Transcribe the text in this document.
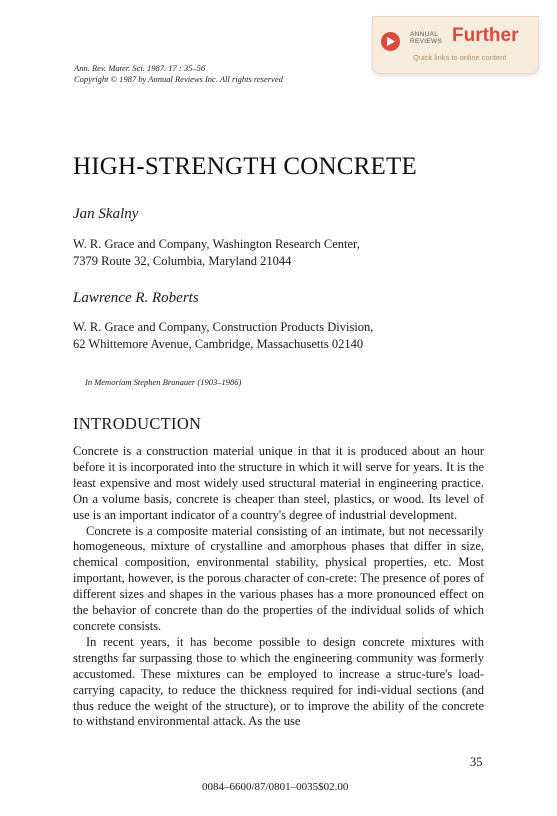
Ann. Rev. Mater. Sci. 1987. 17 : 35–56
Copyright © 1987 by Annual Reviews Inc. All rights reserved
ANNUAL
REVIEWS Further
Quick links to online content
HIGH-STRENGTH CONCRETE
Jan Skalny
W. R. Grace and Company, Washington Research Center,
7379 Route 32, Columbia, Maryland 21044
Lawrence R. Roberts
W. R. Grace and Company, Construction Products Division,
62 Whittemore Avenue, Cambridge, Massachusetts 02140
In Memoriam Stephen Brunauer (1903–1986)
INTRODUCTION

Concrete is a construction material unique in that it is produced about an hour before it is incorporated into the structure in which it will serve for years. It is the least expensive and most widely used structural material in engineering practice. On a volume basis, concrete is cheaper than steel, plastics, or wood. Its level of use is an important indicator of a country's degree of industrial development.

Concrete is a composite material consisting of an intimate, but not necessarily homogeneous, mixture of crystalline and amorphous phases that differ in size, chemical composition, environmental stability, physical properties, etc. Most important, however, is the porous character of con-crete: The presence of pores of different sizes and shapes in the various phases has a more pronounced effect on the behavior of concrete than do the properties of the individual solids of which concrete consists.

In recent years, it has become possible to design concrete mixtures with strengths far surpassing those to which the engineering community was formerly accustomed. These mixtures can be employed to increase a struc-ture's load-carrying capacity, to reduce the thickness required for indi-vidual sections (and thus reduce the weight of the structure), or to improve the ability of the concrete to withstand environmental attack. As the use

35
0084–6600/87/0801–0035$02.00
